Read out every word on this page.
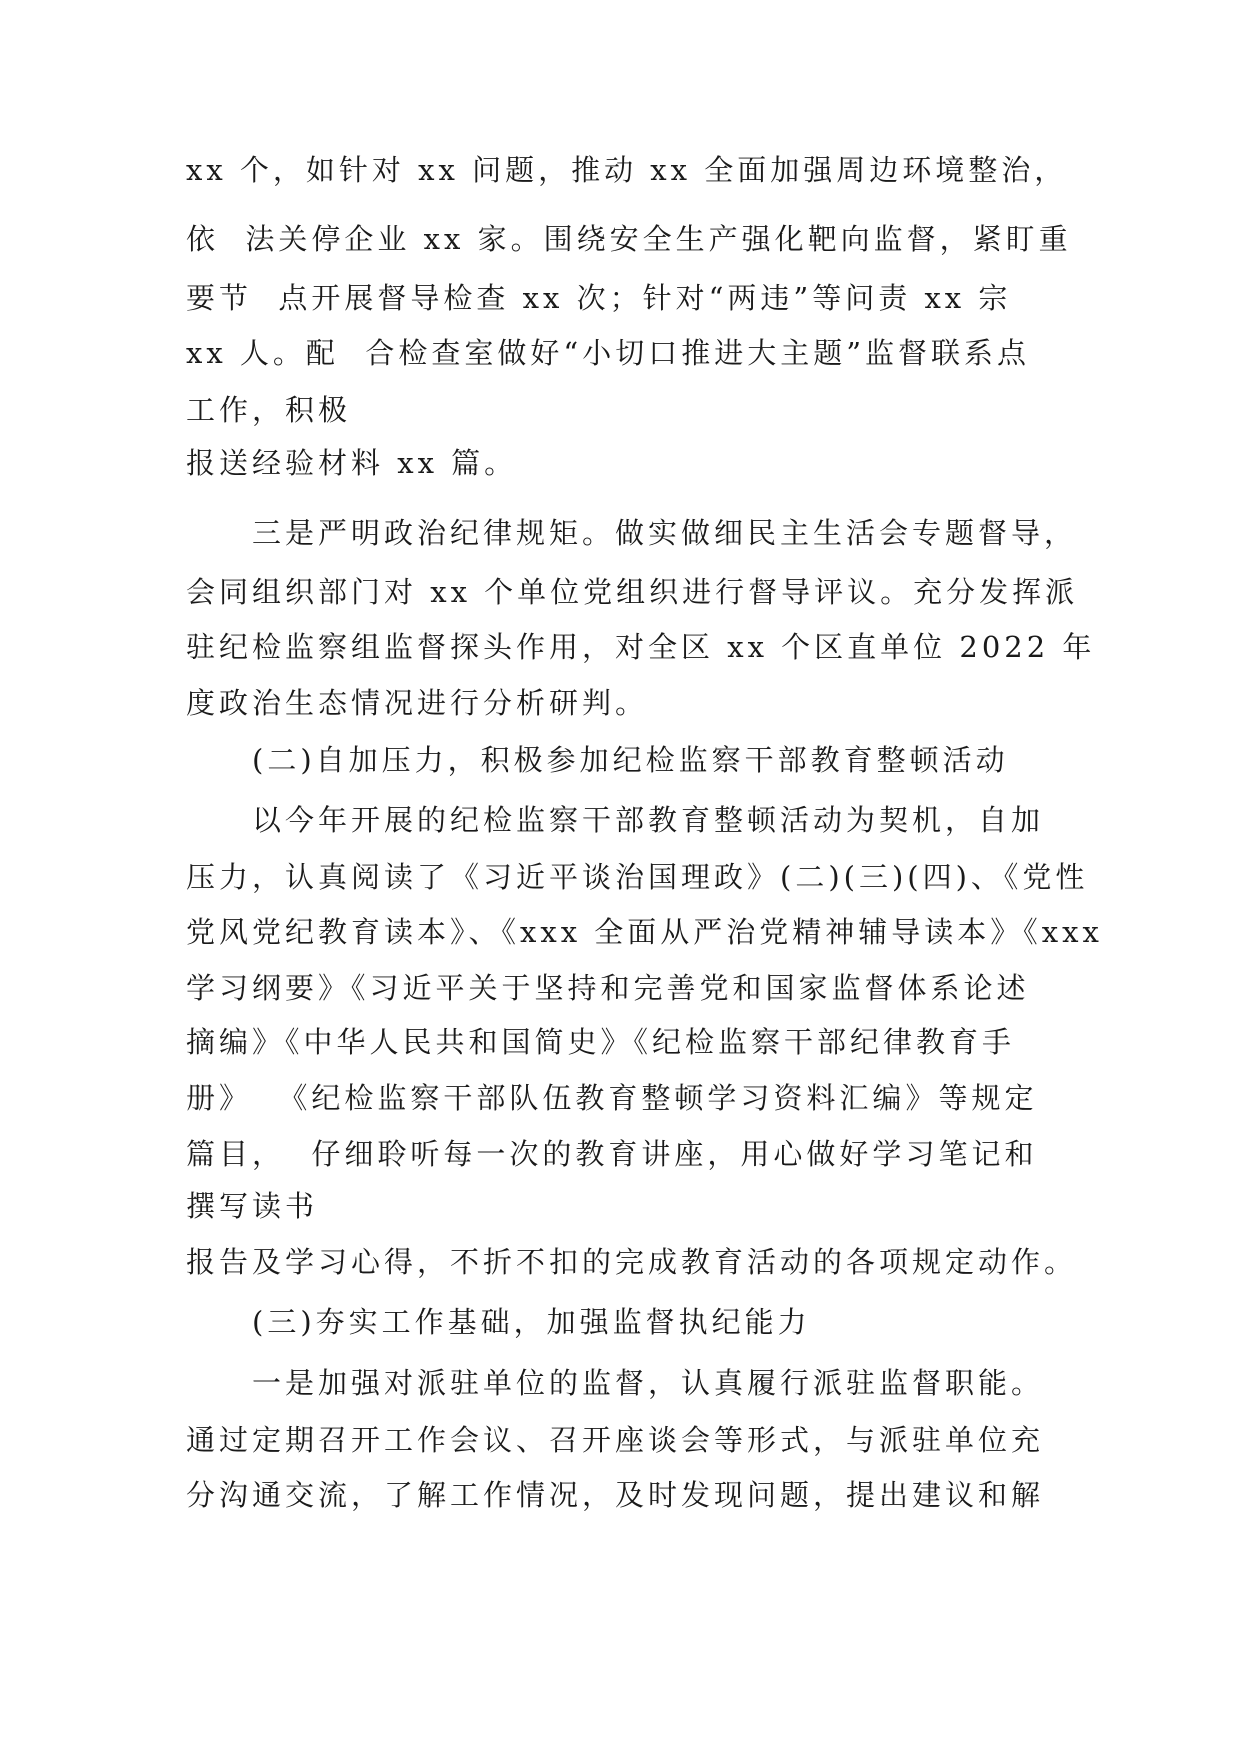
xx 个，如针对 xx 问题，推动 xx 全面加强周边环境整治，
依  法关停企业 xx 家。围绕安全生产强化靶向监督，紧盯重
要节  点开展督导检查 xx 次；针对“两违”等问责 xx 宗
xx 人。配  合检查室做好“小切口推进大主题”监督联系点
工作，积极
报送经验材料 xx 篇。
三是严明政治纪律规矩。做实做细民主生活会专题督导，
会同组织部门对 xx 个单位党组织进行督导评议。充分发挥派
驻纪检监察组监督探头作用，对全区 xx 个区直单位 2022 年
度政治生态情况进行分析研判。
(二)自加压力，积极参加纪检监察干部教育整顿活动
以今年开展的纪检监察干部教育整顿活动为契机，自加
压力，认真阅读了《习近平谈治国理政》(二)(三)(四)、《党性
党风党纪教育读本》、《xxx 全面从严治党精神辅导读本》《xxx
学习纲要》《习近平关于坚持和完善党和国家监督体系论述
摘编》《中华人民共和国简史》《纪检监察干部纪律教育手
册》  《纪检监察干部队伍教育整顿学习资料汇编》等规定
篇目，  仔细聆听每一次的教育讲座，用心做好学习笔记和
撰写读书
报告及学习心得，不折不扣的完成教育活动的各项规定动作。
(三)夯实工作基础，加强监督执纪能力
一是加强对派驻单位的监督，认真履行派驻监督职能。
通过定期召开工作会议、召开座谈会等形式，与派驻单位充
分沟通交流，了解工作情况，及时发现问题，提出建议和解
